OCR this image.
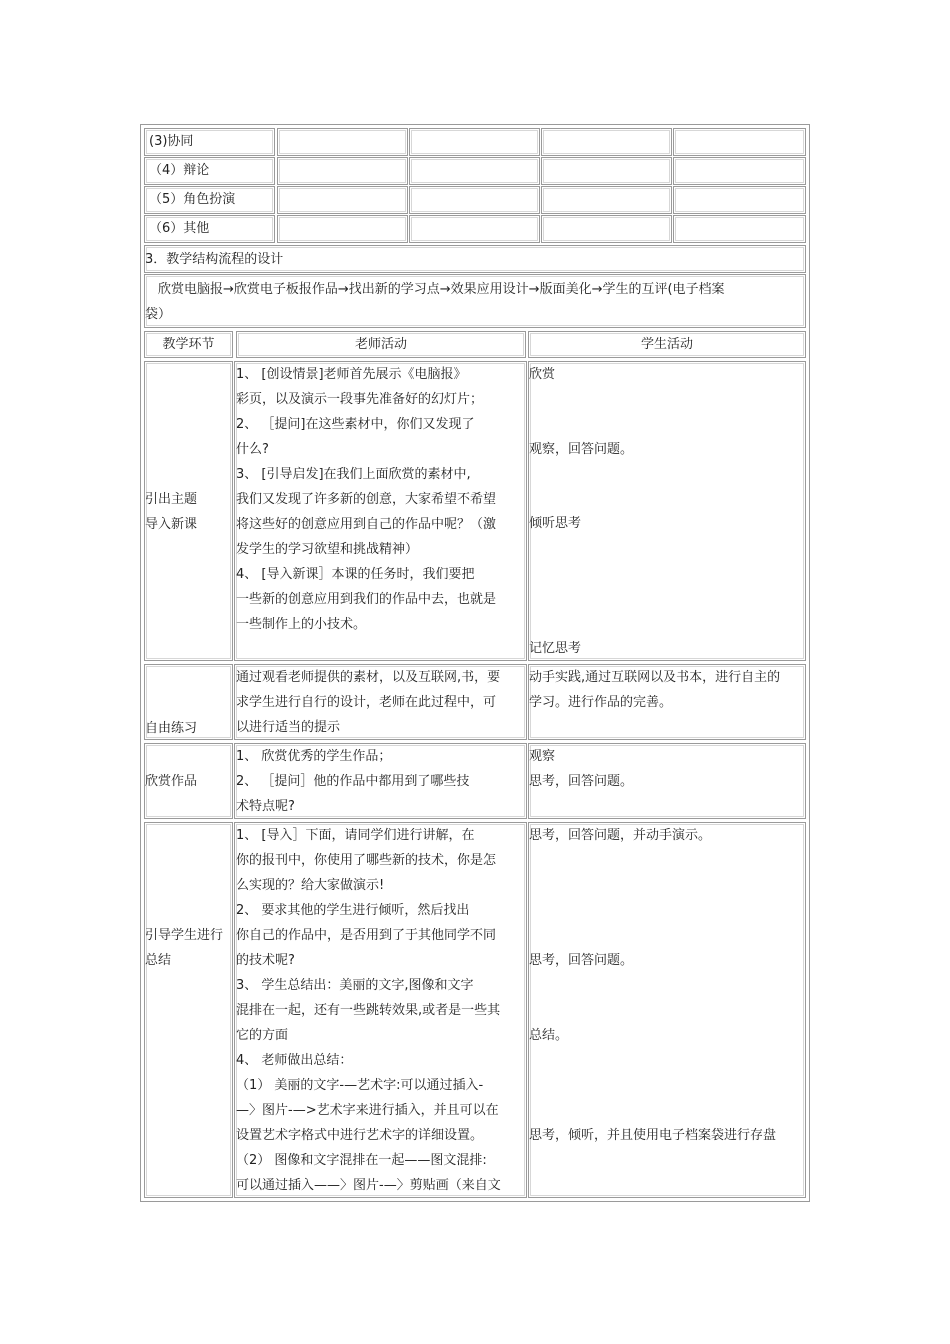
(3)协同
（4）辩论
（5）角色扮演
（6）其他
3．教学结构流程的设计
欣赏电脑报→欣赏电子板报作品→找出新的学习点→效果应用设计→版面美化→学生的互评(电子档案
袋）
教学环节	老师活动	学生活动
引出主题
导入新课
1、 [创设情景]老师首先展示《电脑报》
彩页，以及演示一段事先准备好的幻灯片；
2、 ［提问]在这些素材中，你们又发现了
什么?
3、 [引导启发]在我们上面欣赏的素材中,
我们又发现了许多新的创意，大家希望不希望
将这些好的创意应用到自己的作品中呢？（激
发学生的学习欲望和挑战精神）
4、 [导入新课］本课的任务时，我们要把
一些新的创意应用到我们的作品中去，也就是
一些制作上的小技术。
欣赏
观察，回答问题。
倾听思考
记忆思考
自由练习
通过观看老师提供的素材，以及互联网,书，要
求学生进行自行的设计，老师在此过程中，可
以进行适当的提示
动手实践,通过互联网以及书本，进行自主的
学习。进行作品的完善。
欣赏作品
1、 欣赏优秀的学生作品；
2、 ［提问］他的作品中都用到了哪些技
术特点呢?
观察
思考，回答问题。
引导学生进行
总结
1、 [导入］下面，请同学们进行讲解，在
你的报刊中，你使用了哪些新的技术，你是怎
么实现的？给大家做演示!
2、 要求其他的学生进行倾听，然后找出
你自己的作品中，是否用到了于其他同学不同
的技术呢?
3、 学生总结出：美丽的文字,图像和文字
混排在一起，还有一些跳转效果,或者是一些其
它的方面
4、 老师做出总结：
（1） 美丽的文字-—艺术字:可以通过插入-
—〉图片-—>艺术字来进行插入，并且可以在
设置艺术字格式中进行艺术字的详细设置。
（2） 图像和文字混排在一起——图文混排:
可以通过插入——〉图片-—〉剪贴画（来自文
思考，回答问题，并动手演示。
思考，回答问题。
总结。
思考，倾听，并且使用电子档案袋进行存盘
